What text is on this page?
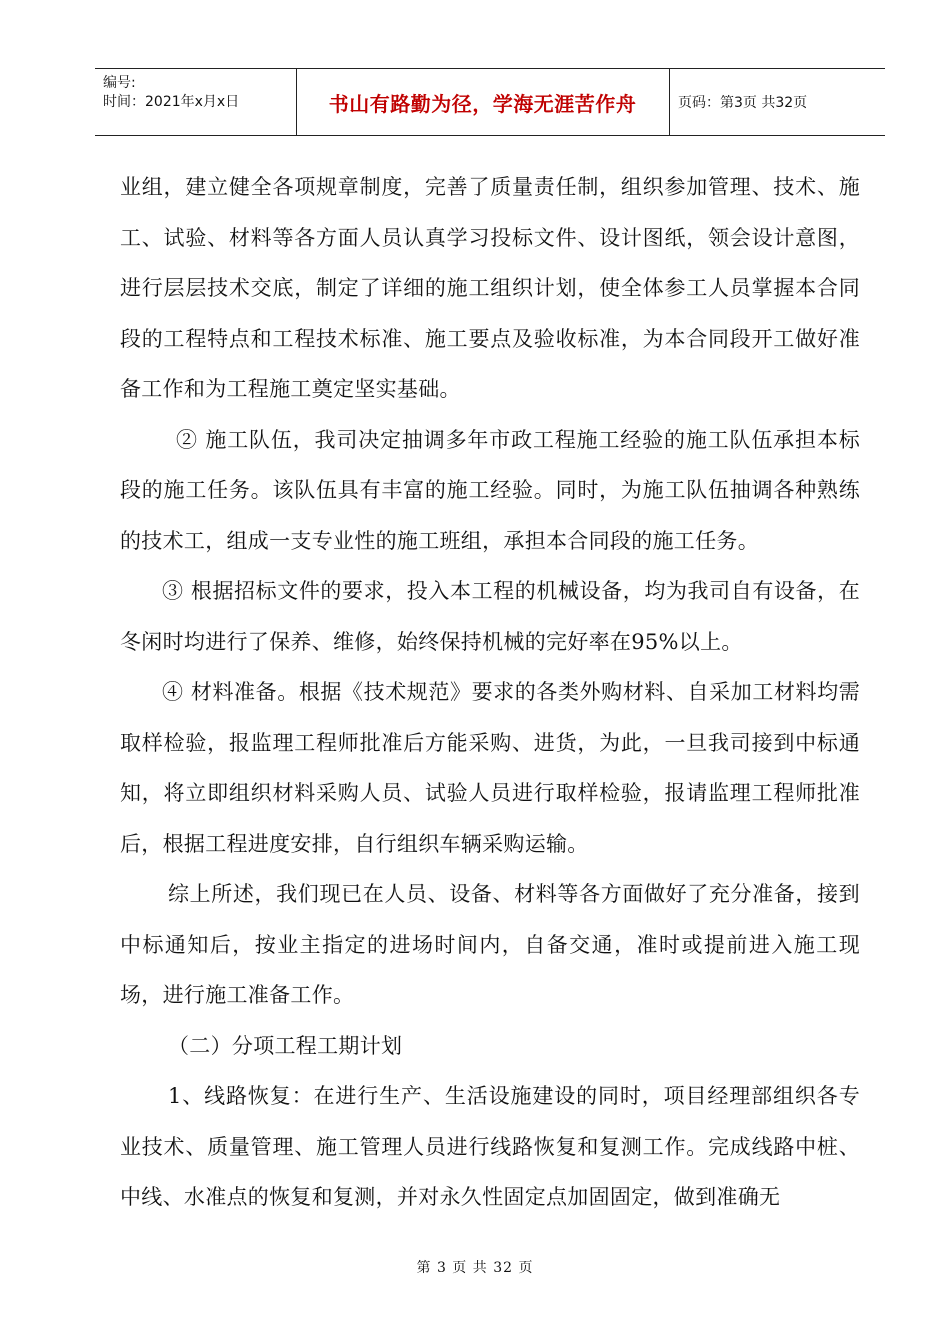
编号:
时间：2021年x月x日	书山有路勤为径，学海无涯苦作舟	页码：第3页 共32页

业组，建立健全各项规章制度，完善了质量责任制，组织参加管理、技术、施工、试验、材料等各方面人员认真学习投标文件、设计图纸，领会设计意图，进行层层技术交底，制定了详细的施工组织计划，使全体参工人员掌握本合同段的工程特点和工程技术标准、施工要点及验收标准，为本合同段开工做好准备工作和为工程施工奠定坚实基础。

② 施工队伍，我司决定抽调多年市政工程施工经验的施工队伍承担本标段的施工任务。该队伍具有丰富的施工经验。同时，为施工队伍抽调各种熟练的技术工，组成一支专业性的施工班组，承担本合同段的施工任务。

③ 根据招标文件的要求，投入本工程的机械设备，均为我司自有设备，在冬闲时均进行了保养、维修，始终保持机械的完好率在95%以上。

④ 材料准备。根据《技术规范》要求的各类外购材料、自采加工材料均需取样检验，报监理工程师批准后方能采购、进货，为此，一旦我司接到中标通知，将立即组织材料采购人员、试验人员进行取样检验，报请监理工程师批准后，根据工程进度安排，自行组织车辆采购运输。

综上所述，我们现已在人员、设备、材料等各方面做好了充分准备，接到中标通知后，按业主指定的进场时间内，自备交通，准时或提前进入施工现场，进行施工准备工作。

（二）分项工程工期计划

1、线路恢复：在进行生产、生活设施建设的同时，项目经理部组织各专业技术、质量管理、施工管理人员进行线路恢复和复测工作。完成线路中桩、中线、水准点的恢复和复测，并对永久性固定点加固固定，做到准确无

第 3 页 共 32 页
